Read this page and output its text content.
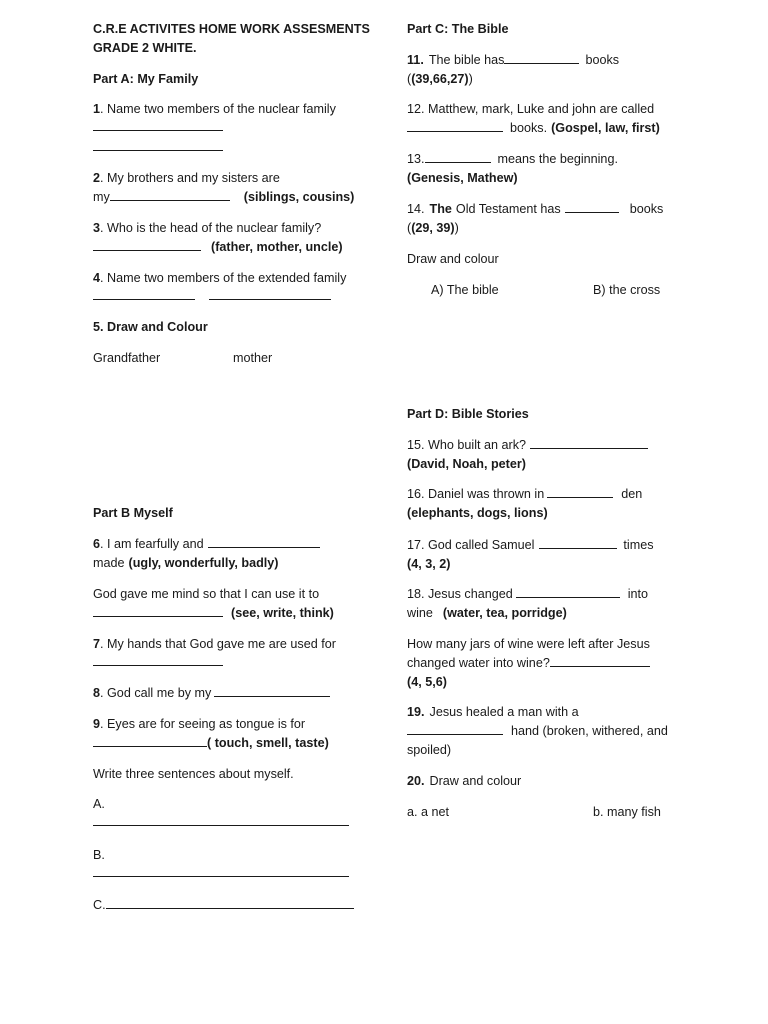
C.R.E ACTIVITES HOME WORK ASSESMENTS
GRADE 2 WHITE.
Part A: My Family
1 . Name two members of the nuclear family
2 . My brothers and my sisters are
my	(siblings, cousins)
3 . Who is the head of the nuclear family?
(father, mother, uncle)
4 . Name two members of the extended family
5. Draw and Colour
Grandfather	mother
Part B Myself
6 . I am fearfully and
made (ugly, wonderfully, badly)
God gave me mind so that I can use it to
(see, write, think)
7 . My hands that God gave me are used for
8 . God call me by my
9 . Eyes are for seeing as tongue is for
( touch, smell, taste)
Write three sentences about myself.
A.
B.
C.
Part C: The Bible
11. The bible has	books
((39,66,27))
12. Matthew, mark, Luke and john are called
books. (Gospel, law, first)
13.	means the beginning.
(Genesis, Mathew)
14. The Old Testament has	books
((29, 39))
Draw and colour
A) The bible	B) the cross
Part D: Bible Stories
15. Who built an ark?
(David, Noah, peter)
16. Daniel was thrown in	den
(elephants, dogs, lions)
17. God called Samuel	times
(4, 3, 2)
18. Jesus changed	into
wine (water, tea, porridge)
How many jars of wine were left after Jesus
changed water into wine?
(4, 5,6)
19. Jesus healed a man with a
hand (broken, withered, and
spoiled)
20. Draw and colour
a. a net	b. many fish
